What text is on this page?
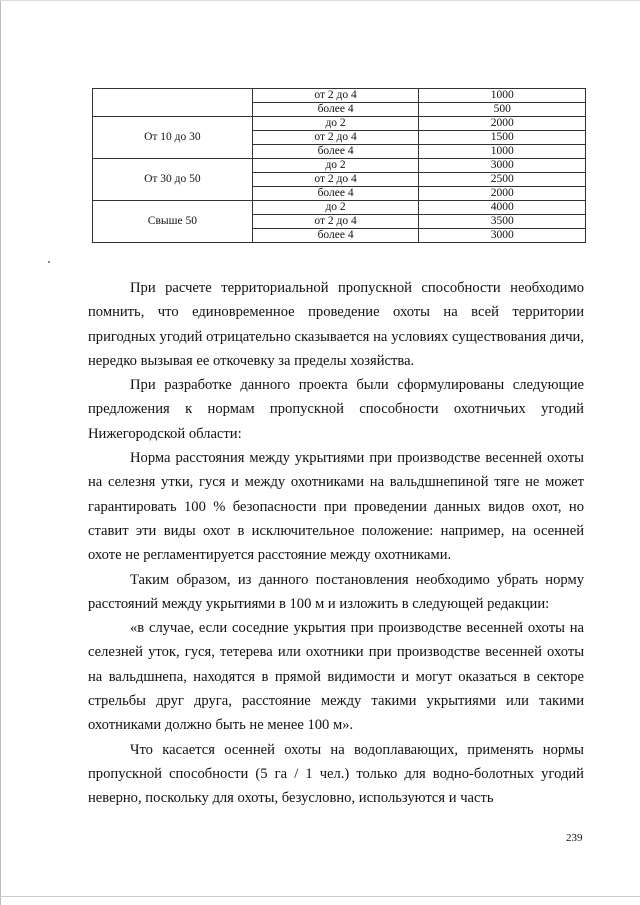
	от 2 до 4	1000
	более 4	500
От 10 до 30	до 2	2000
	от 2 до 4	1500
	более 4	1000
От 30 до 50	до 2	3000
	от 2 до 4	2500
	более 4	2000
Свыше 50	до 2	4000
	от 2 до 4	3500
	более 4	3000

При расчете территориальной пропускной способности необходимо помнить, что единовременное проведение охоты на всей территории пригодных угодий отрицательно сказывается на условиях существования дичи, нередко вызывая ее откочевку за пределы хозяйства.

При разработке данного проекта были сформулированы следующие предложения к нормам пропускной способности охотничьих угодий Нижегородской области:

Норма расстояния между укрытиями при производстве весенней охоты на селезня утки, гуся и между охотниками на вальдшнепиной тяге не может гарантировать 100 % безопасности при проведении данных видов охот, но ставит эти виды охот в исключительное положение: например, на осенней охоте не регламентируется расстояние между охотниками.

Таким образом, из данного постановления необходимо убрать норму расстояний между укрытиями в 100 м и изложить в следующей редакции:

«в случае, если соседние укрытия при производстве весенней охоты на селезней уток, гуся, тетерева или охотники при производстве весенней охоты на вальдшнепа, находятся в прямой видимости и могут оказаться в секторе стрельбы друг друга, расстояние между такими укрытиями или такими охотниками должно быть не менее 100 м».

Что касается осенней охоты на водоплавающих, применять нормы пропускной способности (5 га / 1 чел.) только для водно-болотных угодий неверно, поскольку для охоты, безусловно, используются и часть

239
